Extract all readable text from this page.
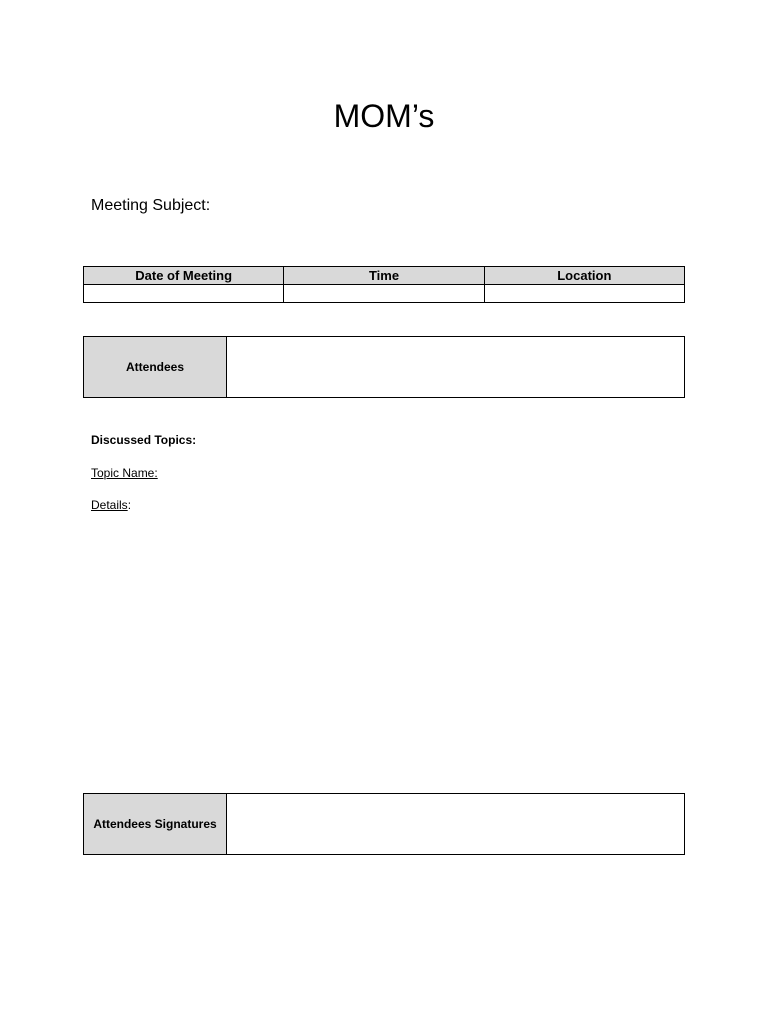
MOM’s
Meeting Subject:
Date of Meeting	Time	Location

Attendees
Discussed Topics:
Topic Name:
Details:
Attendees Signatures
